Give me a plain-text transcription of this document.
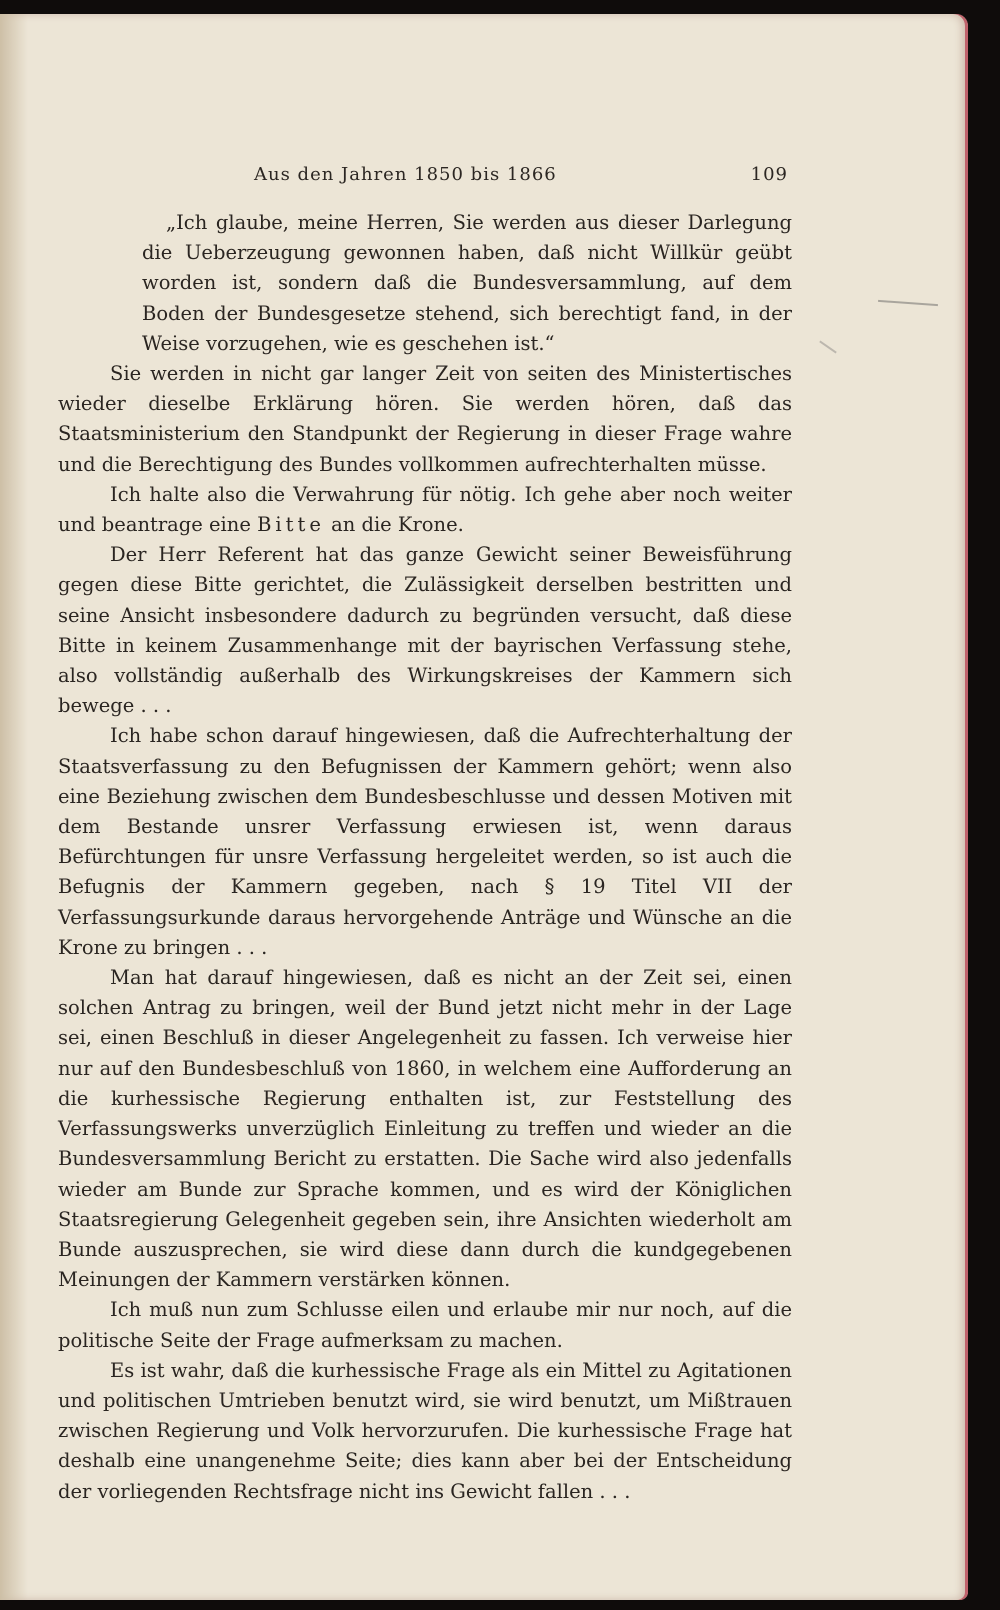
Aus den Jahren 1850 bis 1866	109

„Ich glaube, meine Herren, Sie werden aus dieser Darlegung die Ueberzeugung gewonnen haben, daß nicht Willkür geübt worden ist, sondern daß die Bundesversammlung, auf dem Boden der Bundesgesetze stehend, sich berechtigt fand, in der Weise vorzugehen, wie es geschehen ist.“

Sie werden in nicht gar langer Zeit von seiten des Ministertisches wieder dieselbe Erklärung hören. Sie werden hören, daß das Staatsministerium den Standpunkt der Regierung in dieser Frage wahre und die Berechtigung des Bundes vollkommen aufrechterhalten müsse.

Ich halte also die Verwahrung für nötig. Ich gehe aber noch weiter und beantrage eine Bitte an die Krone.

Der Herr Referent hat das ganze Gewicht seiner Beweisführung gegen diese Bitte gerichtet, die Zulässigkeit derselben bestritten und seine Ansicht insbesondere dadurch zu begründen versucht, daß diese Bitte in keinem Zusammenhange mit der bayrischen Verfassung stehe, also vollständig außerhalb des Wirkungskreises der Kammern sich bewege . . .

Ich habe schon darauf hingewiesen, daß die Aufrechterhaltung der Staatsverfassung zu den Befugnissen der Kammern gehört; wenn also eine Beziehung zwischen dem Bundesbeschlusse und dessen Motiven mit dem Bestande unsrer Verfassung erwiesen ist, wenn daraus Befürchtungen für unsre Verfassung hergeleitet werden, so ist auch die Befugnis der Kammern gegeben, nach § 19 Titel VII der Verfassungsurkunde daraus hervorgehende Anträge und Wünsche an die Krone zu bringen . . .

Man hat darauf hingewiesen, daß es nicht an der Zeit sei, einen solchen Antrag zu bringen, weil der Bund jetzt nicht mehr in der Lage sei, einen Beschluß in dieser Angelegenheit zu fassen. Ich verweise hier nur auf den Bundesbeschluß von 1860, in welchem eine Aufforderung an die kurhessische Regierung enthalten ist, zur Feststellung des Verfassungswerks unverzüglich Einleitung zu treffen und wieder an die Bundesversammlung Bericht zu erstatten. Die Sache wird also jedenfalls wieder am Bunde zur Sprache kommen, und es wird der Königlichen Staatsregierung Gelegenheit gegeben sein, ihre Ansichten wiederholt am Bunde auszusprechen, sie wird diese dann durch die kundgegebenen Meinungen der Kammern verstärken können.

Ich muß nun zum Schlusse eilen und erlaube mir nur noch, auf die politische Seite der Frage aufmerksam zu machen.

Es ist wahr, daß die kurhessische Frage als ein Mittel zu Agitationen und politischen Umtrieben benutzt wird, sie wird benutzt, um Mißtrauen zwischen Regierung und Volk hervorzurufen. Die kurhessische Frage hat deshalb eine unangenehme Seite; dies kann aber bei der Entscheidung der vorliegenden Rechtsfrage nicht ins Gewicht fallen . . .
